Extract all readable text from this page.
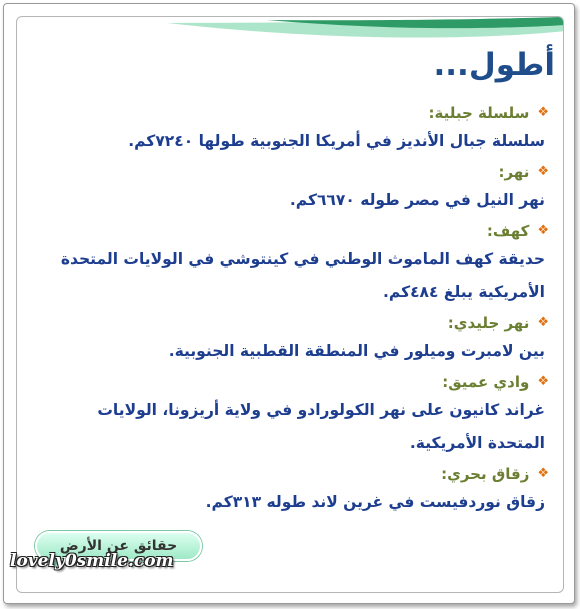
أطول...
❖
سلسلة جبلية:
سلسلة جبال الأنديز في أمريكا الجنوبية طولها ٧٢٤٠كم.
❖
نهر:
نهر النيل في مصر طوله ٦٦٧٠كم.
❖
كهف:
حديقة كهف الماموث الوطني في كينتوشي في الولايات المتحدة
الأمريكية يبلغ ٤٨٤كم.
❖
نهر جليدي:
بين لامبرت وميلور في المنطقة القطبية الجنوبية.
❖
وادي عميق:
غراند كانيون على نهر الكولورادو في ولاية أريزونا، الولايات
المتحدة الأمريكية.
❖
زقاق بحري:
زقاق نوردفيست في غرين لاند طوله ٣١٣كم.
حقائق عن الأرض
lovely0smile.com
